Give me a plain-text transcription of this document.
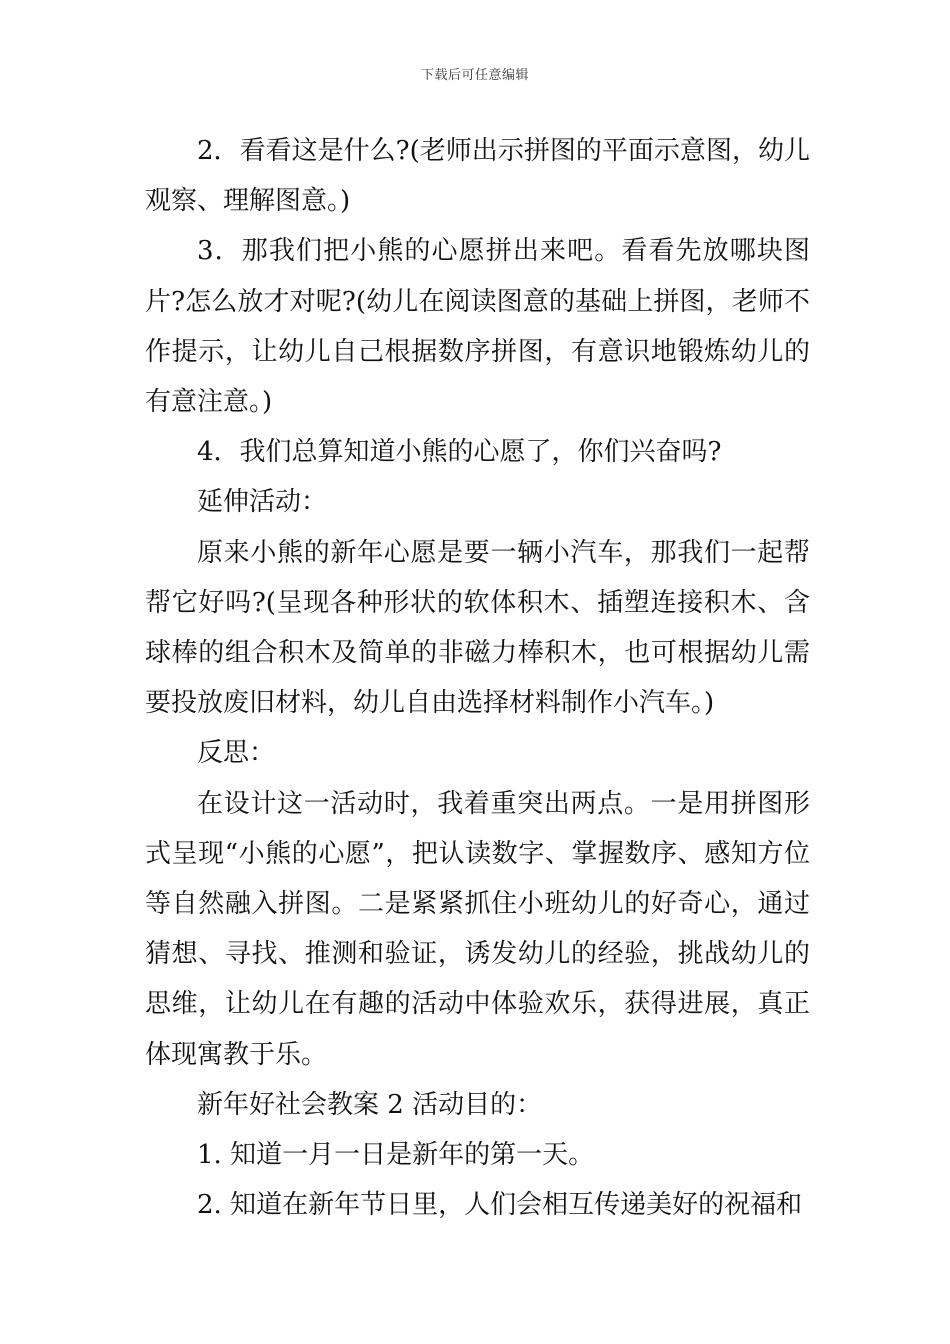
下载后可任意编辑

2．看看这是什么?(老师出示拼图的平面示意图，幼儿观察、理解图意。)

3．那我们把小熊的心愿拼出来吧。看看先放哪块图片?怎么放才对呢?(幼儿在阅读图意的基础上拼图，老师不作提示，让幼儿自己根据数序拼图，有意识地锻炼幼儿的有意注意。)

4．我们总算知道小熊的心愿了，你们兴奋吗?

延伸活动：

原来小熊的新年心愿是要一辆小汽车，那我们一起帮帮它好吗?(呈现各种形状的软体积木、插塑连接积木、含球棒的组合积木及简单的非磁力棒积木，也可根据幼儿需要投放废旧材料，幼儿自由选择材料制作小汽车。)

反思：

在设计这一活动时，我着重突出两点。一是用拼图形式呈现“小熊的心愿”，把认读数字、掌握数序、感知方位等自然融入拼图。二是紧紧抓住小班幼儿的好奇心，通过猜想、寻找、推测和验证，诱发幼儿的经验，挑战幼儿的思维，让幼儿在有趣的活动中体验欢乐，获得进展，真正体现寓教于乐。

新年好社会教案 2 活动目的：

1. 知道一月一日是新年的第一天。

2. 知道在新年节日里，人们会相互传递美好的祝福和
